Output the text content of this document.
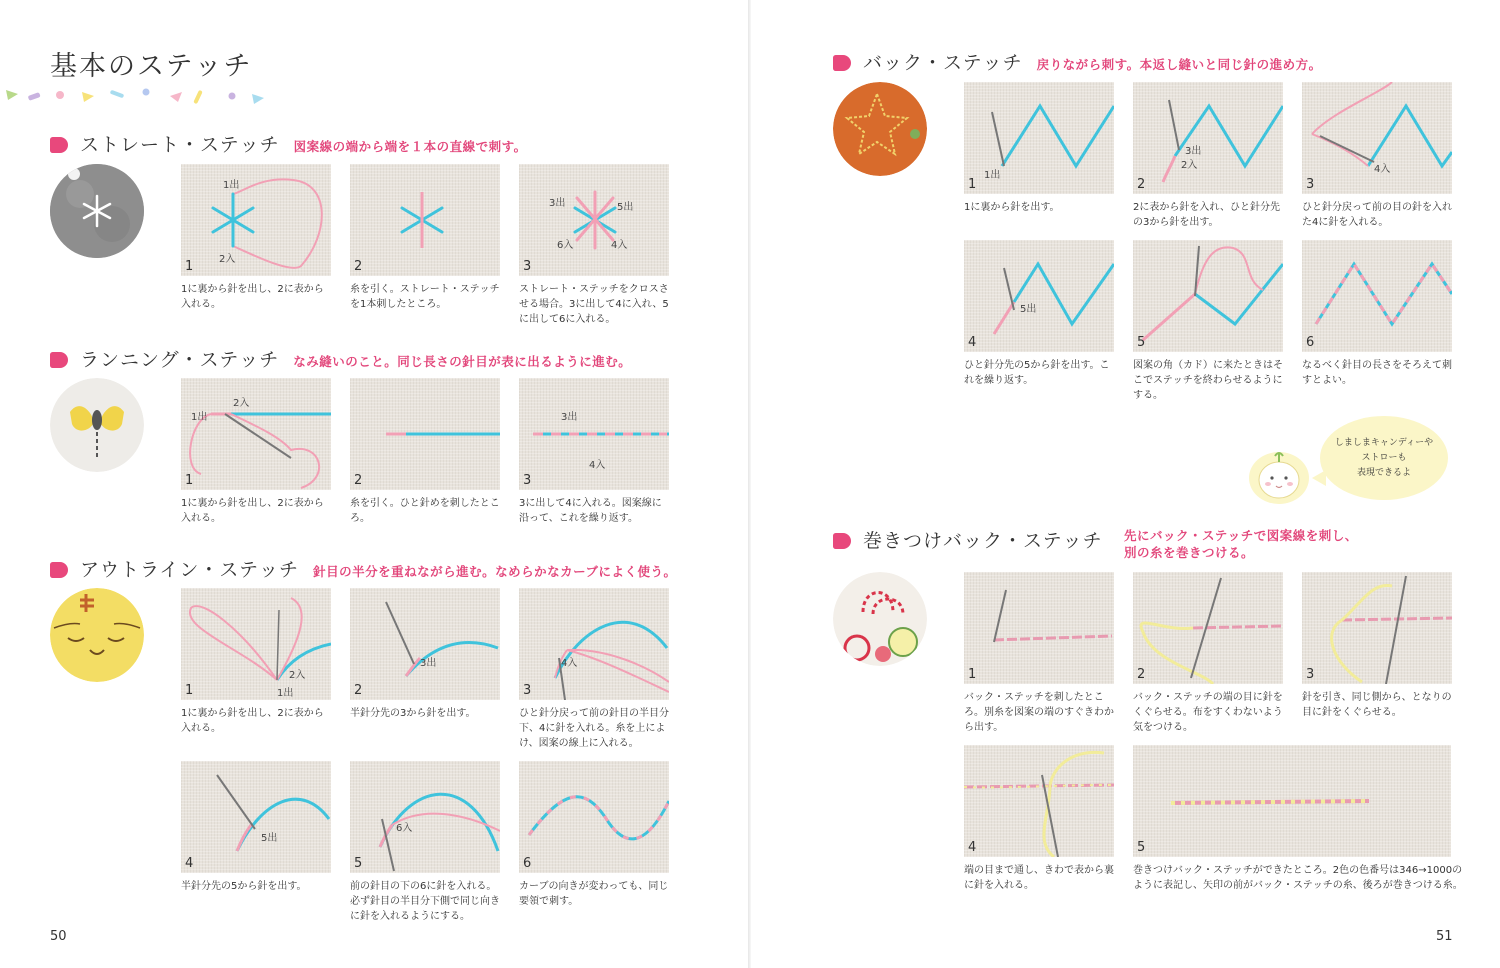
基本のステッチ
ストレート・ステッチ 図案線の端から端を１本の直線で刺す。
1出
2入
1
1に裏から針を出し、2に表から入れる。
2
糸を引く。ストレート・ステッチを1本刺したところ。
3出	5出
6入	4入
3
ストレート・ステッチをクロスさせる場合。3に出して4に入れ、5に出して6に入れる。
ランニング・ステッチ なみ縫いのこと。同じ長さの針目が表に出るように進む。
2入
1出
1
1に裏から針を出し、2に表から入れる。
2
糸を引く。ひと針めを刺したところ。
3出
4入
3
3に出して4に入れる。図案線に沿って、これを繰り返す。
アウトライン・ステッチ 針目の半分を重ねながら進む。なめらかなカーブによく使う。
2入
1出
1
1に裏から針を出し、2に表から入れる。
3出
2
半針分先の3から針を出す。
4入
3
ひと針分戻って前の針目の半目分下、4に針を入れる。糸を上によけ、図案の線上に入れる。
5出
4
半針分先の5から針を出す。
6入
5
前の針目の下の6に針を入れる。必ず針目の半目分下側で同じ向きに針を入れるようにする。
6
カーブの向きが変わっても、同じ要領で刺す。
50
バック・ステッチ 戻りながら刺す。本返し縫いと同じ針の進め方。
1出
1
1に裏から針を出す。
3出
2入
2
2に表から針を入れ、ひと針分先の3から針を出す。
4入
3
ひと針分戻って前の目の針を入れた4に針を入れる。
5出
4
ひと針分先の5から針を出す。これを繰り返す。
5
図案の角（カド）に来たときはそこでステッチを終わらせるようにする。
6
なるべく針目の長さをそろえて刺すとよい。
しましまキャンディーや
ストローも
表現できるよ
巻きつけバック・ステッチ 先にバック・ステッチで図案線を刺し、
別の糸を巻きつける。
1
バック・ステッチを刺したところ。別糸を図案の端のすぐきわから出す。
2
バック・ステッチの端の目に針をくぐらせる。布をすくわないよう気をつける。
3
針を引き、同じ側から、となりの目に針をくぐらせる。
4
端の目まで通し、きわで表から裏に針を入れる。
5
巻きつけバック・ステッチができたところ。2色の色番号は346→1000のように表記し、矢印の前がバック・ステッチの糸、後ろが巻きつける糸。
51
